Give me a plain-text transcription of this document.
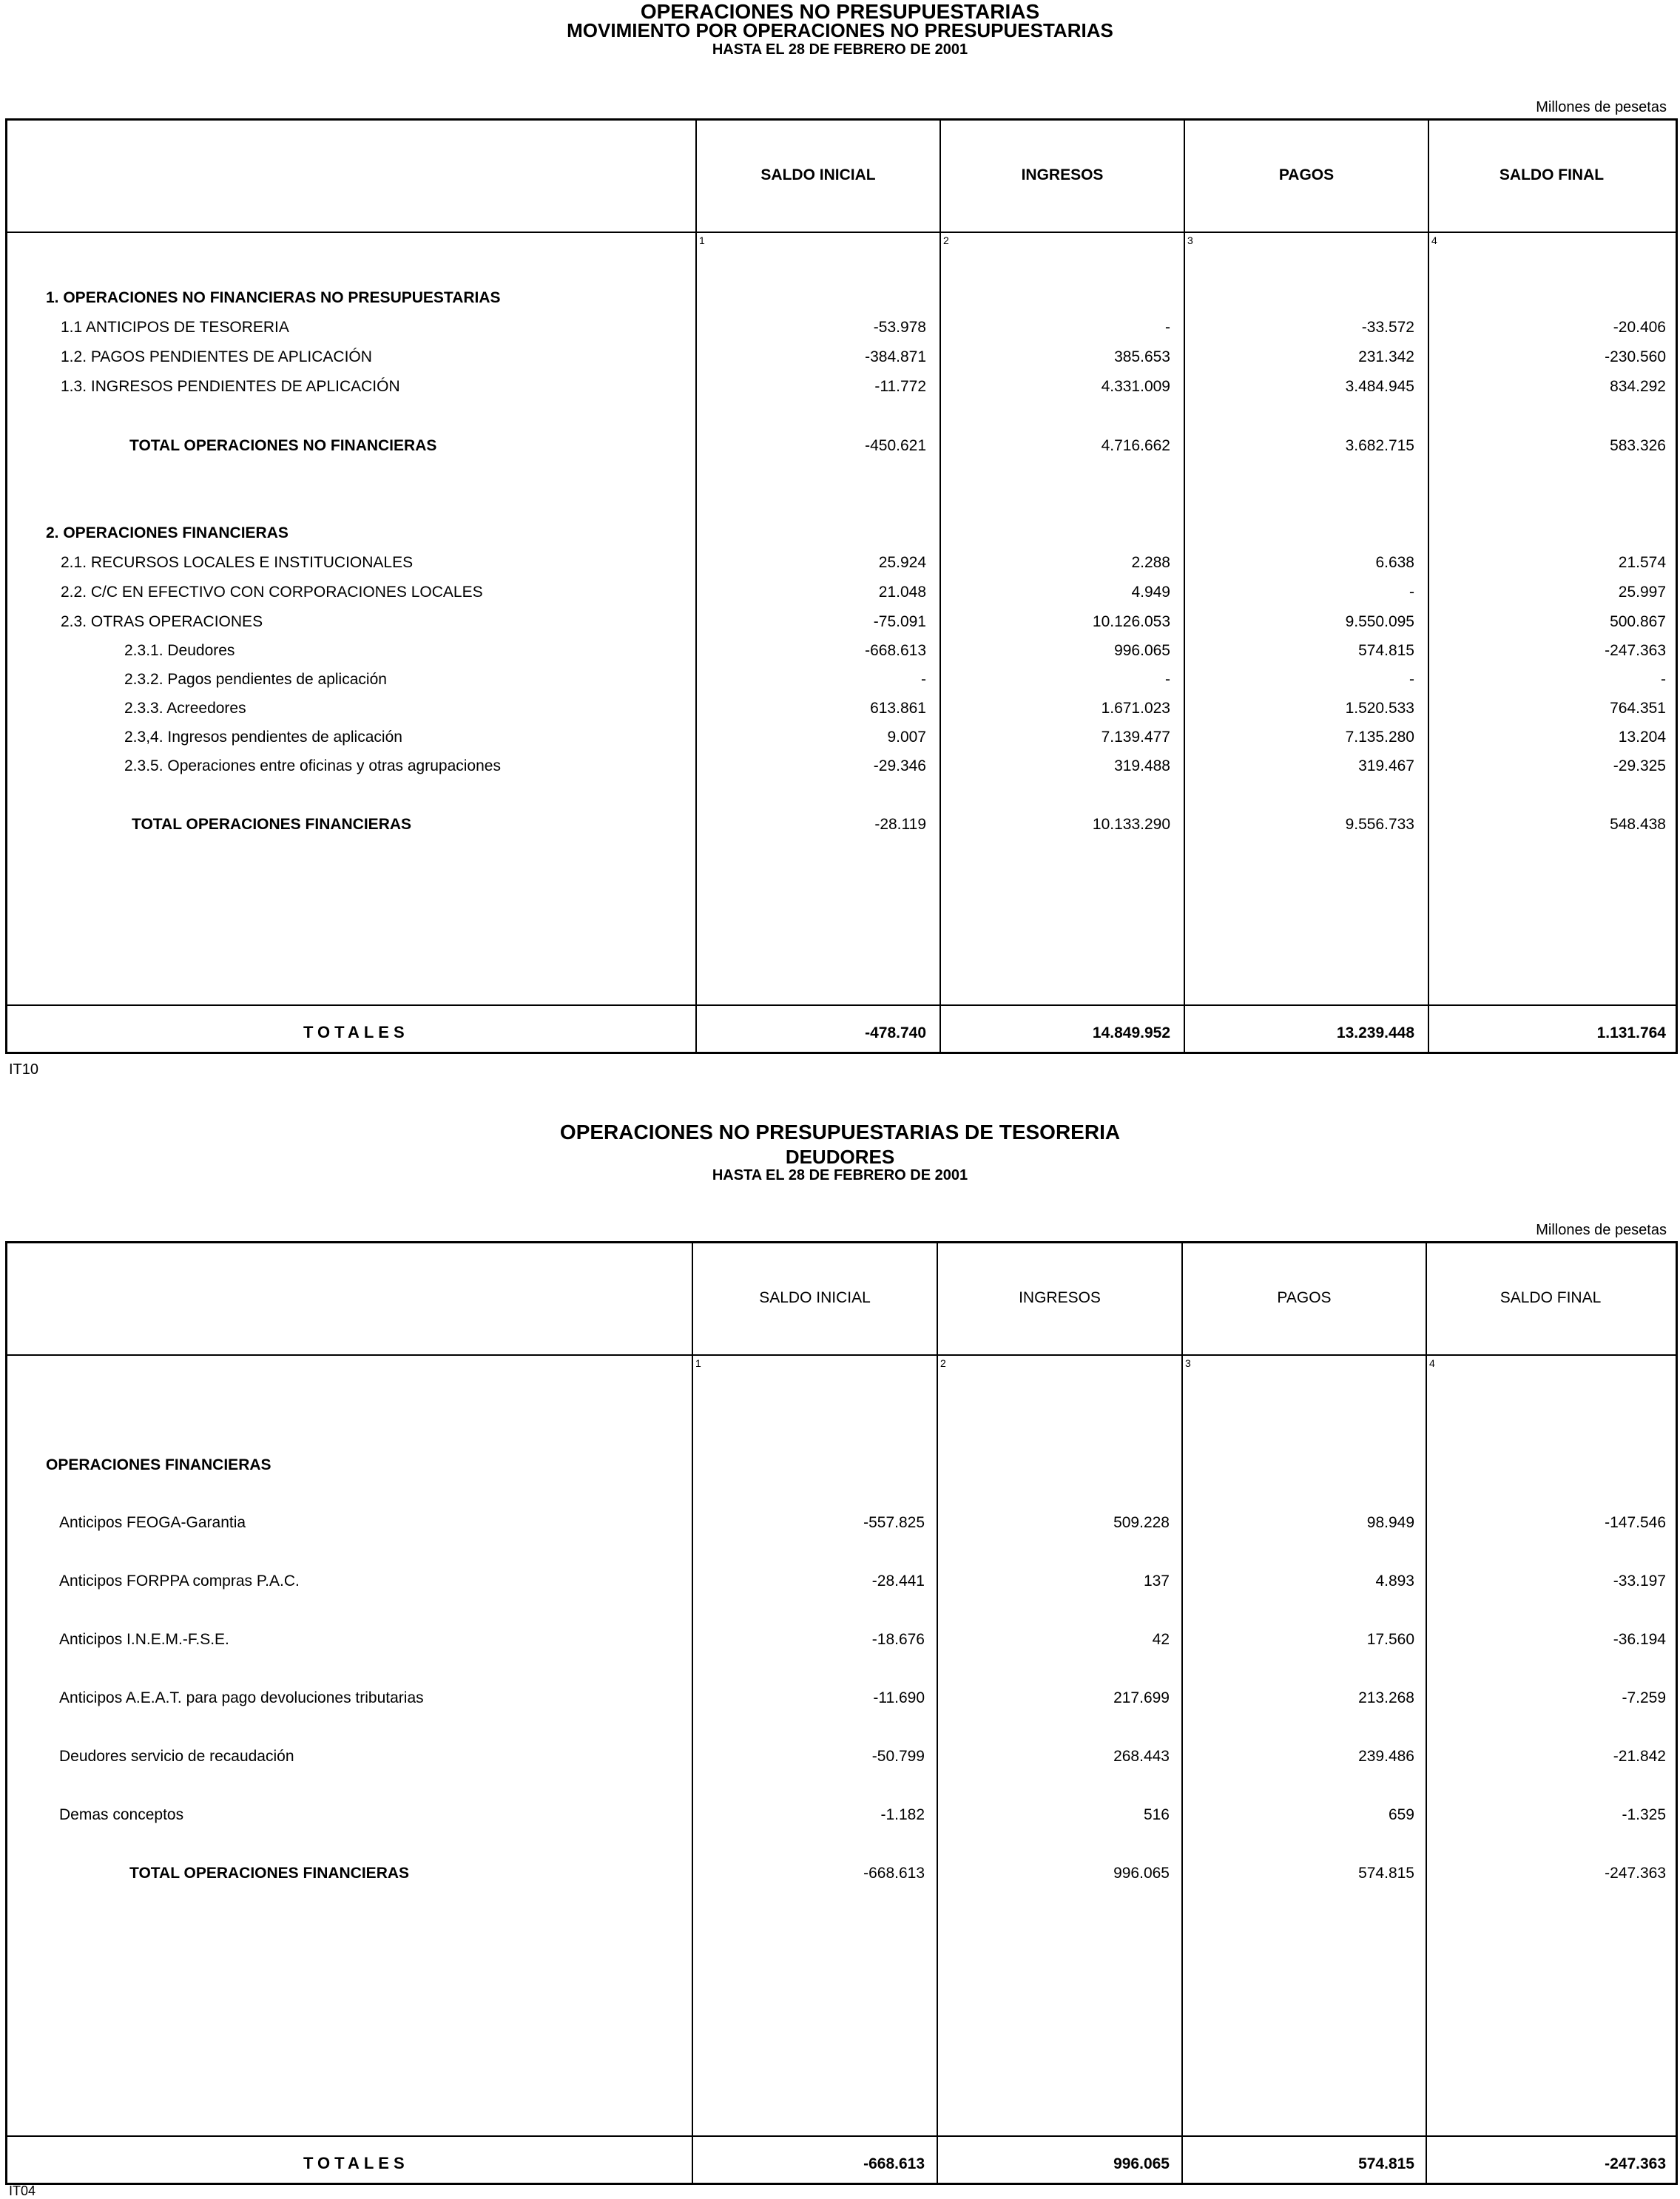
OPERACIONES NO PRESUPUESTARIAS
MOVIMIENTO POR OPERACIONES NO PRESUPUESTARIAS
HASTA EL 28 DE FEBRERO DE 2001
Millones de pesetas
SALDO INICIAL	INGRESOS	PAGOS	SALDO FINAL
1	2	3	4
1. OPERACIONES NO FINANCIERAS NO PRESUPUESTARIAS
1.1 ANTICIPOS DE TESORERIA	-53.978	-	-33.572	-20.406
1.2. PAGOS PENDIENTES DE APLICACIÓN	-384.871	385.653	231.342	-230.560
1.3. INGRESOS PENDIENTES DE APLICACIÓN	-11.772	4.331.009	3.484.945	834.292
TOTAL OPERACIONES NO FINANCIERAS	-450.621	4.716.662	3.682.715	583.326
2. OPERACIONES FINANCIERAS
2.1. RECURSOS LOCALES E INSTITUCIONALES	25.924	2.288	6.638	21.574
2.2. C/C EN EFECTIVO CON CORPORACIONES LOCALES	21.048	4.949	-	25.997
2.3. OTRAS OPERACIONES	-75.091	10.126.053	9.550.095	500.867
2.3.1. Deudores	-668.613	996.065	574.815	-247.363
2.3.2. Pagos pendientes de aplicación	-	-	-	-
2.3.3. Acreedores	613.861	1.671.023	1.520.533	764.351
2.3,4. Ingresos pendientes de aplicación	9.007	7.139.477	7.135.280	13.204
2.3.5. Operaciones entre oficinas y otras agrupaciones	-29.346	319.488	319.467	-29.325
TOTAL OPERACIONES FINANCIERAS	-28.119	10.133.290	9.556.733	548.438
TOTALES	-478.740	14.849.952	13.239.448	1.131.764
IT10
OPERACIONES NO PRESUPUESTARIAS DE TESORERIA
DEUDORES
HASTA EL 28 DE FEBRERO DE 2001
Millones de pesetas
SALDO INICIAL	INGRESOS	PAGOS	SALDO FINAL
1	2	3	4
OPERACIONES FINANCIERAS
Anticipos FEOGA-Garantia	-557.825	509.228	98.949	-147.546
Anticipos FORPPA compras P.A.C.	-28.441	137	4.893	-33.197
Anticipos I.N.E.M.-F.S.E.	-18.676	42	17.560	-36.194
Anticipos A.E.A.T. para pago devoluciones tributarias	-11.690	217.699	213.268	-7.259
Deudores servicio de recaudación	-50.799	268.443	239.486	-21.842
Demas conceptos	-1.182	516	659	-1.325
TOTAL OPERACIONES FINANCIERAS	-668.613	996.065	574.815	-247.363
TOTALES	-668.613	996.065	574.815	-247.363
IT04
